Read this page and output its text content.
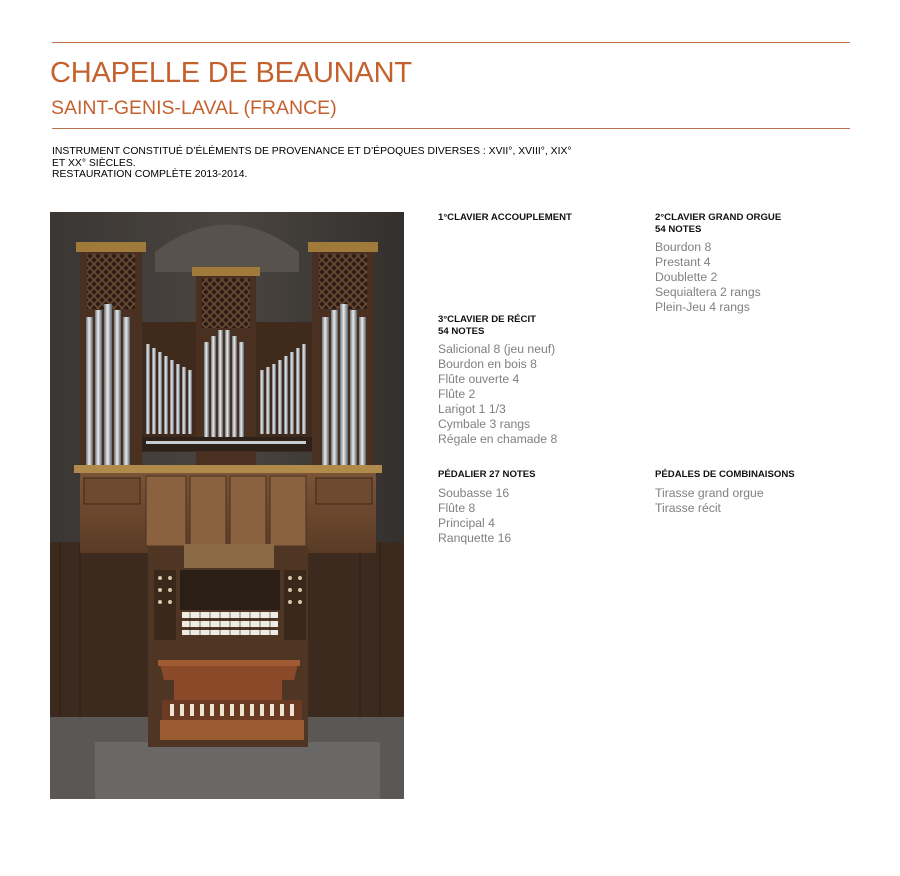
CHAPELLE DE BEAUNANT
SAINT-GENIS-LAVAL (FRANCE)
INSTRUMENT CONSTITUÉ D’ÉLÉMENTS DE PROVENANCE ET D’ÉPOQUES DIVERSES : XVII°, XVIII°, XIX°
ET XX° SIÈCLES.
RESTAURATION COMPLÈTE 2013-2014.
1°CLAVIER ACCOUPLEMENT	2°CLAVIER GRAND ORGUE
54 NOTES
Bourdon 8
Prestant 4
Doublette 2
Sequialtera 2 rangs
Plein-Jeu 4 rangs
3°CLAVIER DE RÉCIT
54 NOTES
Salicional 8 (jeu neuf)
Bourdon en bois 8
Flûte ouverte 4
Flûte 2
Larigot 1 1/3
Cymbale 3 rangs
Régale en chamade 8
PÉDALIER 27 NOTES
Soubasse 16
Flûte 8
Principal 4
Ranquette 16
PÉDALES DE COMBINAISONS
Tirasse grand orgue
Tirasse récit
